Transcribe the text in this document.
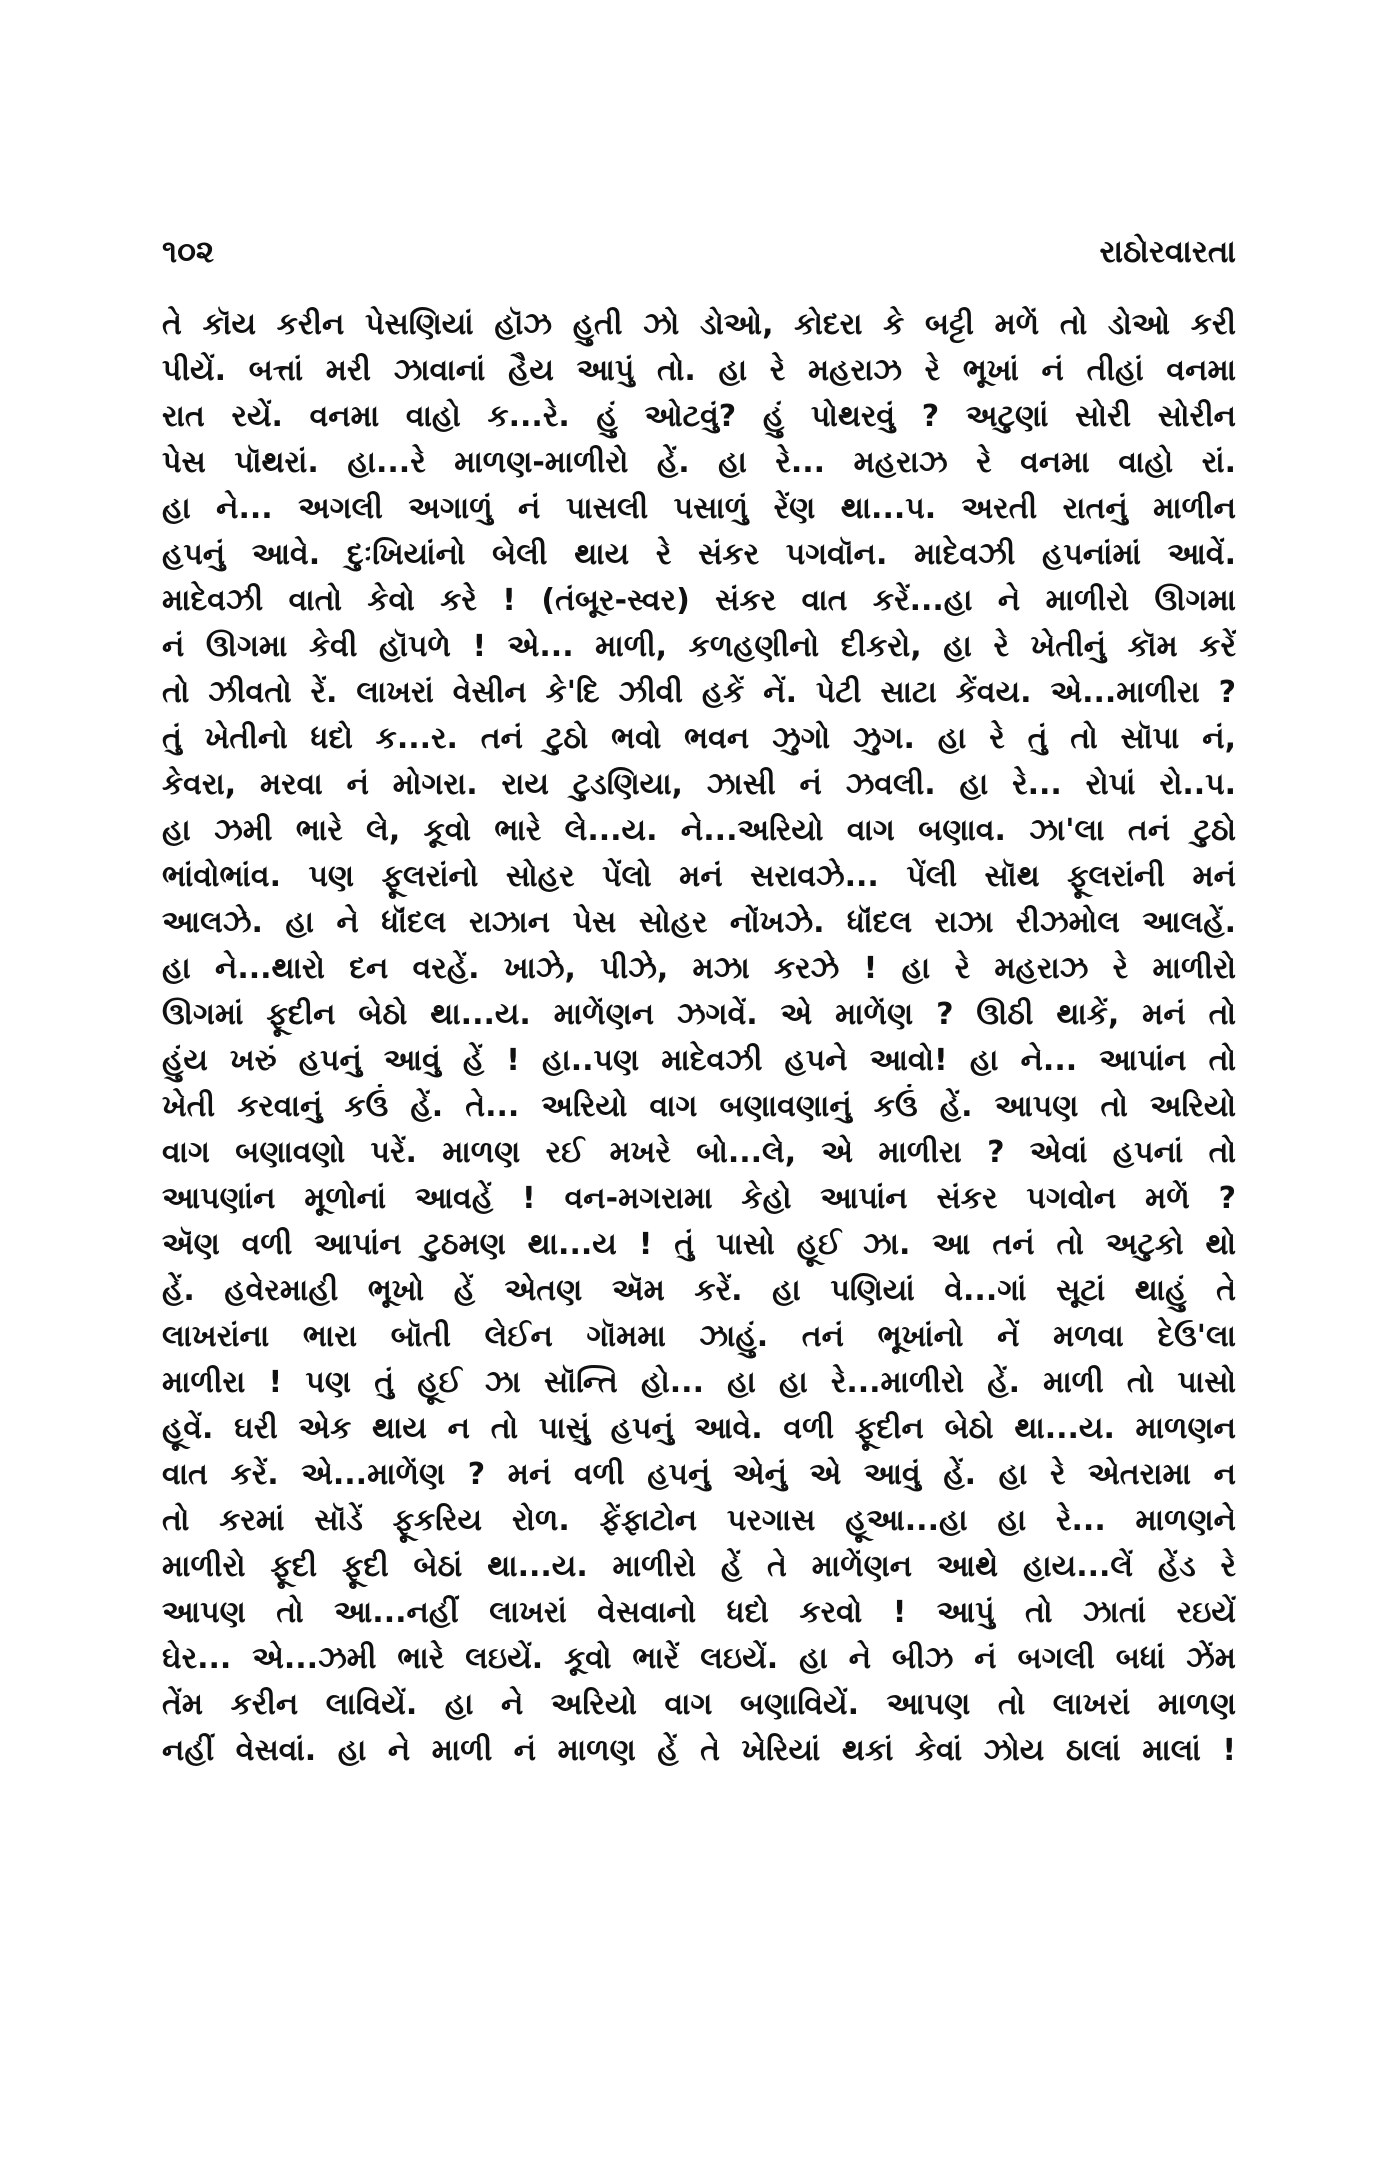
૧૦૨	રાઠોરવારતા
તે કૉય કરીન પેસણિયાં હૉઝ હુતી ઝો ડોઓ, કોદરા કે બટ્ટી મળેં તો ડોઓ કરી
પીયેં. બત્તાં મરી ઝાવાનાં હૈય આપું તો. હા રે મહરાઝ રે ભૂખાં નં તીહાં વનમા
રાત રયેં. વનમા વાહો ક...રે. હું ઓટવું? હું પોથરવું ? અટુણાં સોરી સોરીન
પેસ પૉથરાં. હા...રે માળણ-માળીરો હેં. હા રે... મહરાઝ રે વનમા વાહો રાં.
હા ને... અગલી અગાળું નં પાસલી પસાળું રેંણ થા...પ. અરતી રાતનું માળીન
હપનું આવે. દુઃખિયાંનો બેલી થાય રે સંકર પગવૉન. માદેવઝી હપનાંમાં આવેં.
માદેવઝી વાતો કેવો કરે ! (તંબૂર-સ્વર) સંકર વાત કરેં...હા ને માળીરો ઊગમા
નં ઊગમા કેવી હૉપળે ! એ... માળી, કળહણીનો દીકરો, હા રે ખેતીનું કૉમ કરેં
તો ઝીવતો રેં. લાખરાં વેસીન કે'દિ ઝીવી હકેં નેં. પેટી સાટા કેંવય. એ...માળીરા ?
તું ખેતીનો ધદો ક...ર. તનં ટુઠો ભવો ભવન ઝુગો ઝુગ. હા રે તું તો સૉપા નં,
કેવરા, મરવા નં મોગરા. રાય ટુડણિયા, ઝાસી નં ઝવલી. હા રે... રોપાં રો..પ.
હા ઝમી ભારે લે, કૂવો ભારે લે...ય. ને...અરિયો વાગ બણાવ. ઝા'લા તનં ટુઠો
ભાંવોભાંવ. પણ ફૂલરાંનો સોહર પેંલો મનં સરાવઝે... પેંલી સૉથ ફૂલરાંની મનં
આલઝે. હા ને ધૉંદલ રાઝાન પેસ સોહર નોંખઝે. ધૉંદલ રાઝા રીઝમોલ આલહેં.
હા ને...થારો દન વરહેં. ખાઝે, પીઝે, મઝા કરઝે ! હા રે મહરાઝ રે માળીરો
ઊગમાં ફૂદીન બેઠો થા...ય. માળેંણન ઝગવેં. એ માળેંણ ? ઊઠી થાકેં, મનં તો
હુંય ખરું હપનું આવું હેં ! હા..પણ માદેવઝી હપને આવો! હા ને... આપાંન તો
ખેતી કરવાનું કઉં હેં. તે... અરિયો વાગ બણાવણાનું કઉં હેં. આપણ તો અરિયો
વાગ બણાવણો પરેં. માળણ રઈ મખરે બો...લે, એ માળીરા ? એવાં હપનાં તો
આપણાંન મૂળોનાં આવહેં ! વન-મગરામા કેહો આપાંન સંકર પગવોન મળેં ?
ઍણ વળી આપાંન ટુઠમણ થા...ય ! તું પાસો હૂઈ ઝા. આ તનં તો અટુકો થો
હેં. હવેરમાહી ભૂખો હેં એતણ ઍમ કરેં. હા પણિયાં વે...ગાં સૂટાં થાહું તે
લાખરાંના ભારા બૉતી લેઈન ગૉમમા ઝાહું. તનં ભૂખાંનો નેં મળવા દેઉ'લા
માળીરા ! પણ તું હૂઈ ઝા સૉન્તિ હો... હા હા રે...માળીરો હેં. માળી તો પાસો
હૂવેં. ઘરી એક થાય ન તો પાસું હપનું આવે. વળી ફૂદીન બેઠો થા...ય. માળણન
વાત કરેં. એ...માળેંણ ? મનં વળી હપનું એનું એ આવું હેં. હા રે એતરામા ન
તો કરમાં સૉડેં ફૂકરિય રોળ. ફેંફાટોન પરગાસ હૂઆ...હા હા રે... માળણને
માળીરો ફૂદી ફૂદી બેઠાં થા...ય. માળીરો હેં તે માળેંણન આથે હાય...લેં હેંડ રે
આપણ તો આ...નહીં લાખરાં વેસવાનો ધદો કરવો ! આપું તો ઝાતાં રઇયેં
ઘેર... એ...ઝમી ભારે લઇયેં. કૂવો ભારેં લઇયેં. હા ને બીઝ નં બગલી બધાં ઝેંમ
તેંમ કરીન લાવિયેં. હા ને અરિયો વાગ બણાવિયેં. આપણ તો લાખરાં માળણ
નહીં વેસવાં. હા ને માળી નં માળણ હેં તે ખેરિયાં થકાં કેવાં ઝોય ઠાલાં માલાં !
